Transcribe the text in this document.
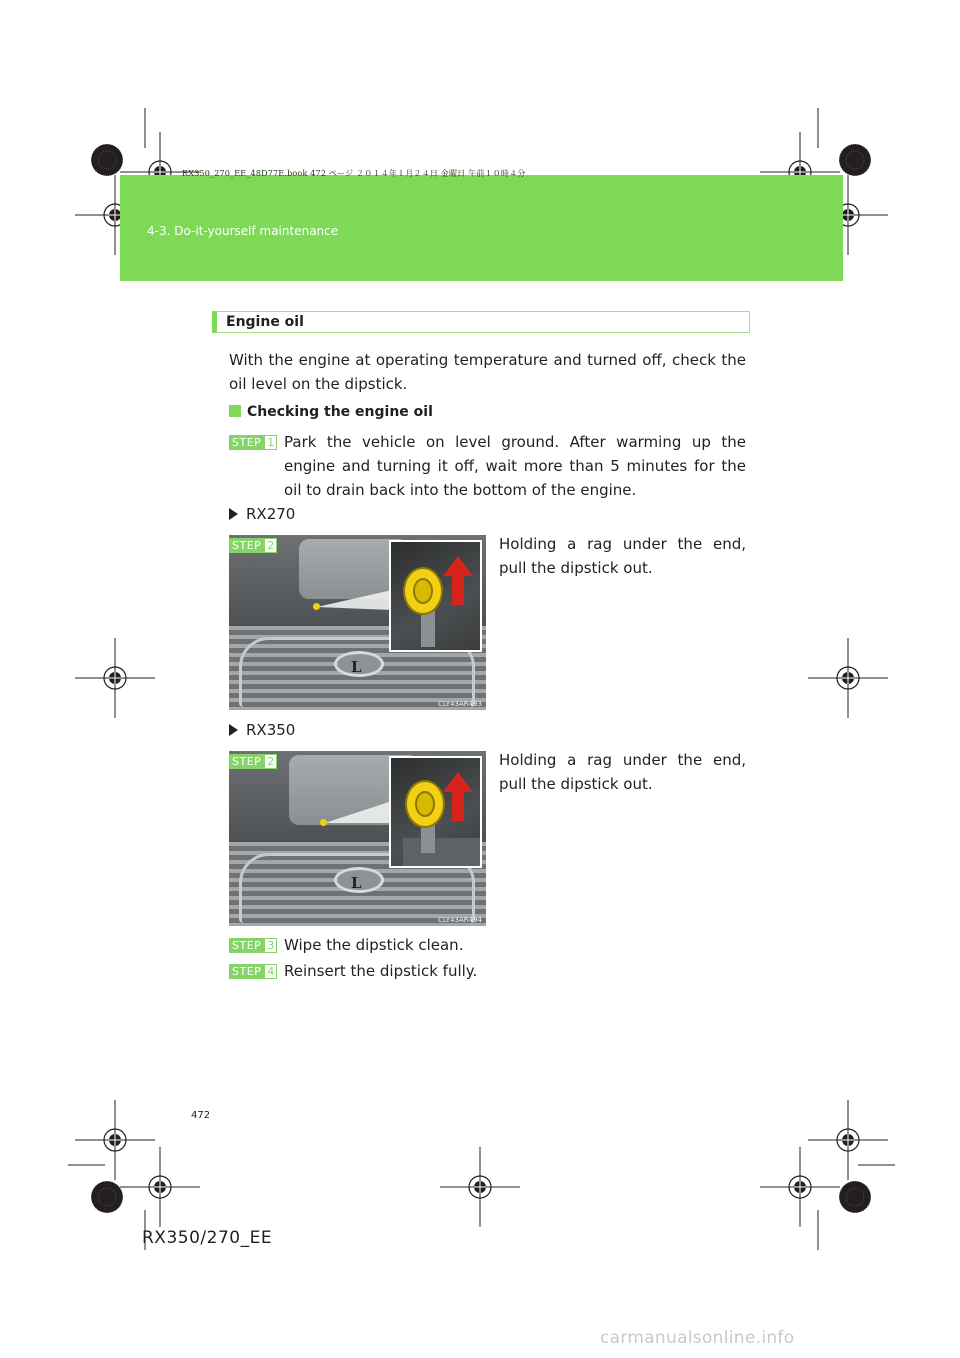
RX350_270_EE_48D77E.book 472 ページ ２０１４年１月２４日 金曜日 午前１０時４分
4-3. Do-it-yourself maintenance
Engine oil
With the engine at operating temperature and turned off, check the oil level on the dipstick.
Checking the engine oil
STEP 1 Park the vehicle on level ground. After warming up the engine and turning it off, wait more than 5 minutes for the oil to drain back into the bottom of the engine.
RX270
L
CLY43AR493
STEP 2	Holding a rag under the end, pull the dipstick out.
RX350
L
CLY43AR494
STEP 2	Holding a rag under the end, pull the dipstick out.
STEP 3 Wipe the dipstick clean.
STEP 4 Reinsert the dipstick fully.
472
RX350/270_EE
carmanualsonline.info
